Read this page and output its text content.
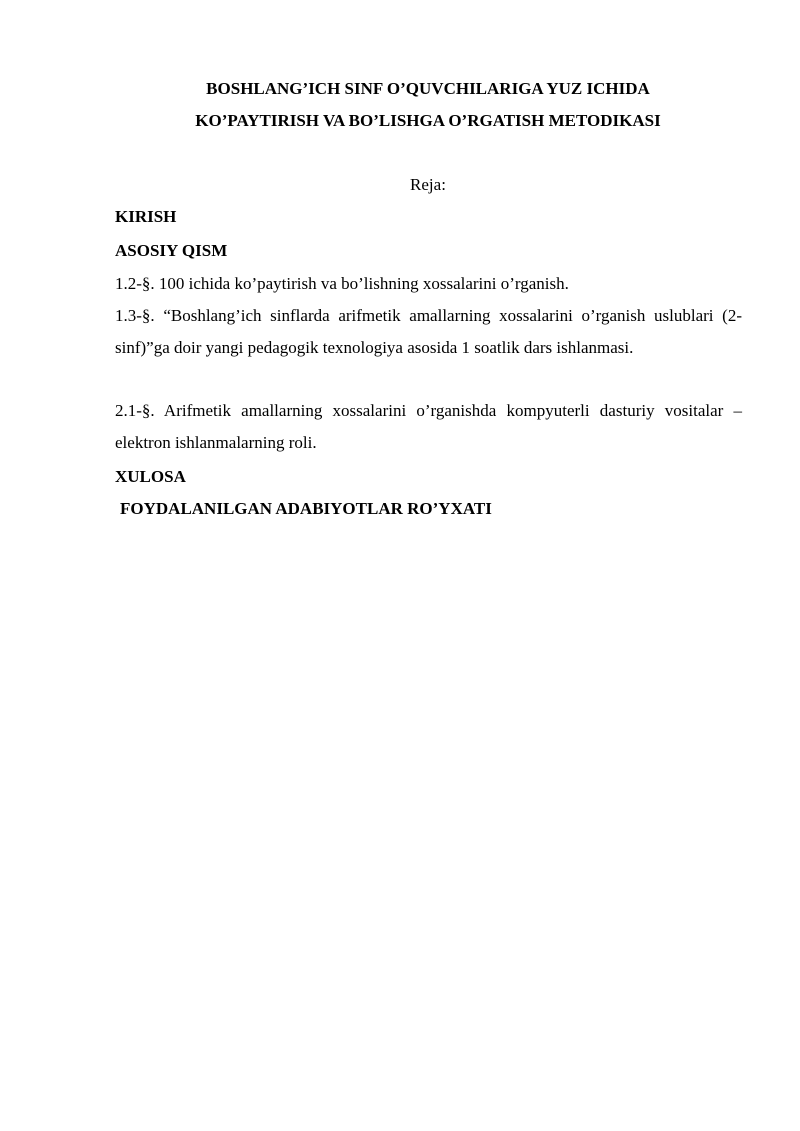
BOSHLANG’ICH SINF O’QUVCHILARIGA YUZ ICHIDA
KO’PAYTIRISH VA BO’LISHGA O’RGATISH METODIKASI
Reja:
KIRISH
ASOSIY QISM
1.2-§. 100 ichida ko’paytirish va bo’lishning xossalarini o’rganish.
1.3-§. “Boshlang’ich sinflarda arifmetik amallarning xossalarini o’rganish uslublari (2-sinf)”ga doir yangi pedagogik texnologiya asosida 1 soatlik dars ishlanmasi.
2.1-§. Arifmetik amallarning xossalarini o’rganishda kompyuterli dasturiy vositalar – elektron ishlanmalarning roli.
XULOSA
FOYDALANILGAN ADABIYOTLAR RO’YXATI
